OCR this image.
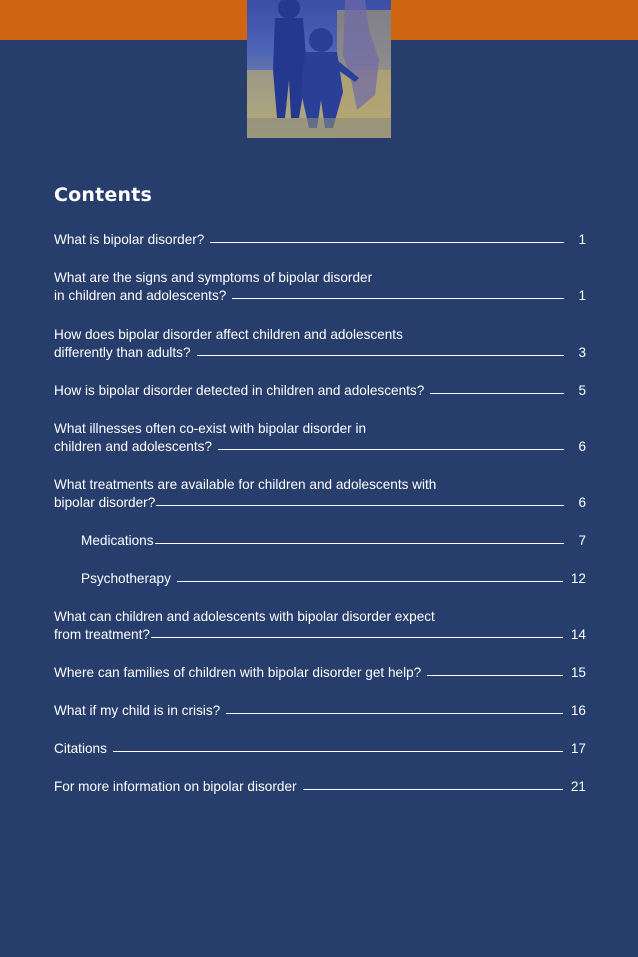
Contents
What is bipolar disorder?	1
What are the signs and symptoms of bipolar disorder
in children and adolescents?	1
How does bipolar disorder affect children and adolescents
differently than adults?	3
How is bipolar disorder detected in children and adolescents?	5
What illnesses often co-exist with bipolar disorder in
children and adolescents?	6
What treatments are available for children and adolescents with
bipolar disorder?	6
Medications	7
Psychotherapy	12
What can children and adolescents with bipolar disorder expect
from treatment?	14
Where can families of children with bipolar disorder get help?	15
What if my child is in crisis?	16
Citations	17
For more information on bipolar disorder	21
